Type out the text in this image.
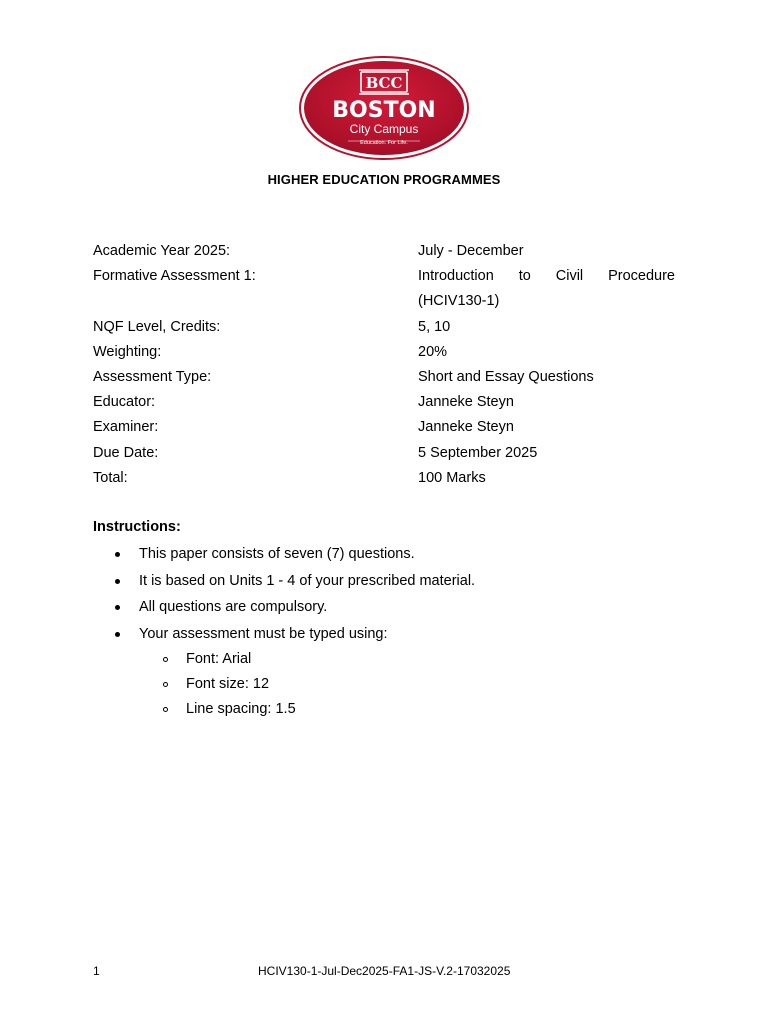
BCC
BOSTON
City Campus
Education. For Life.
HIGHER EDUCATION PROGRAMMES
Academic Year 2025:	July - December
Formative Assessment 1:	Introduction to Civil Procedure
(HCIV130-1)
NQF Level, Credits:	5, 10
Weighting:	20%
Assessment Type:	Short and Essay Questions
Educator:	Janneke Steyn
Examiner:	Janneke Steyn
Due Date:	5 September 2025
Total:	100 Marks
Instructions:
This paper consists of seven (7) questions.
It is based on Units 1 - 4 of your prescribed material.
All questions are compulsory.
Your assessment must be typed using:
Font: Arial
Font size: 12
Line spacing: 1.5
1	HCIV130-1-Jul-Dec2025-FA1-JS-V.2-17032025
